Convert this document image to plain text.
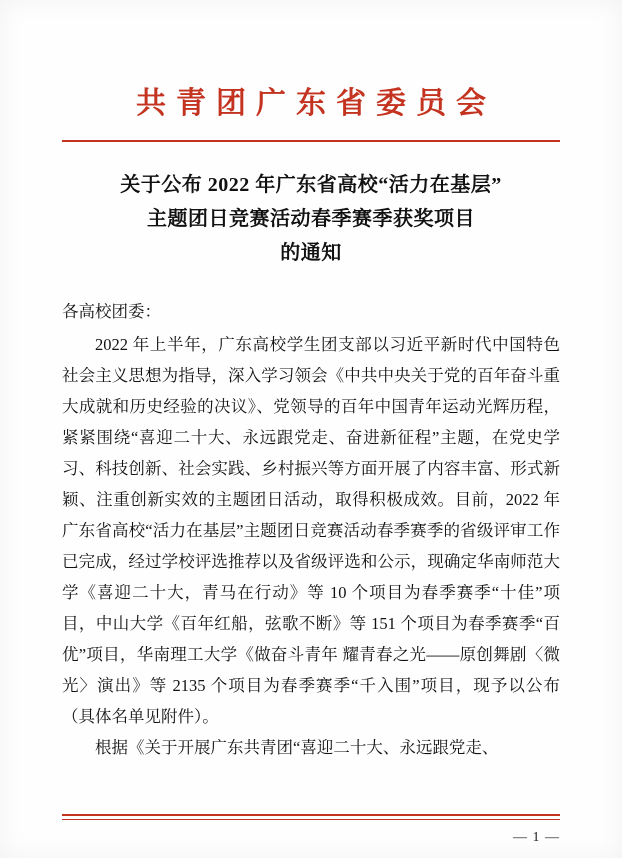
共青团广东省委员会
关于公布 2022 年广东省高校“活力在基层”
主题团日竞赛活动春季赛季获奖项目
的通知

各高校团委：

2022 年上半年，广东高校学生团支部以习近平新时代中国特色社会主义思想为指导，深入学习领会《中共中央关于党的百年奋斗重大成就和历史经验的决议》、党领导的百年中国青年运动光辉历程，紧紧围绕“喜迎二十大、永远跟党走、奋进新征程”主题，在党史学习、科技创新、社会实践、乡村振兴等方面开展了内容丰富、形式新颖、注重创新实效的主题团日活动，取得积极成效。目前，2022 年广东省高校“活力在基层”主题团日竞赛活动春季赛季的省级评审工作已完成，经过学校评选推荐以及省级评选和公示，现确定华南师范大学《喜迎二十大，青马在行动》等 10 个项目为春季赛季“十佳”项目，中山大学《百年红船，弦歌不断》等 151 个项目为春季赛季“百优”项目，华南理工大学《做奋斗青年 耀青春之光——原创舞剧〈微光〉演出》等 2135 个项目为春季赛季“千入围”项目，现予以公布（具体名单见附件）。

根据《关于开展广东共青团“喜迎二十大、永远跟党走、

— 1 —
